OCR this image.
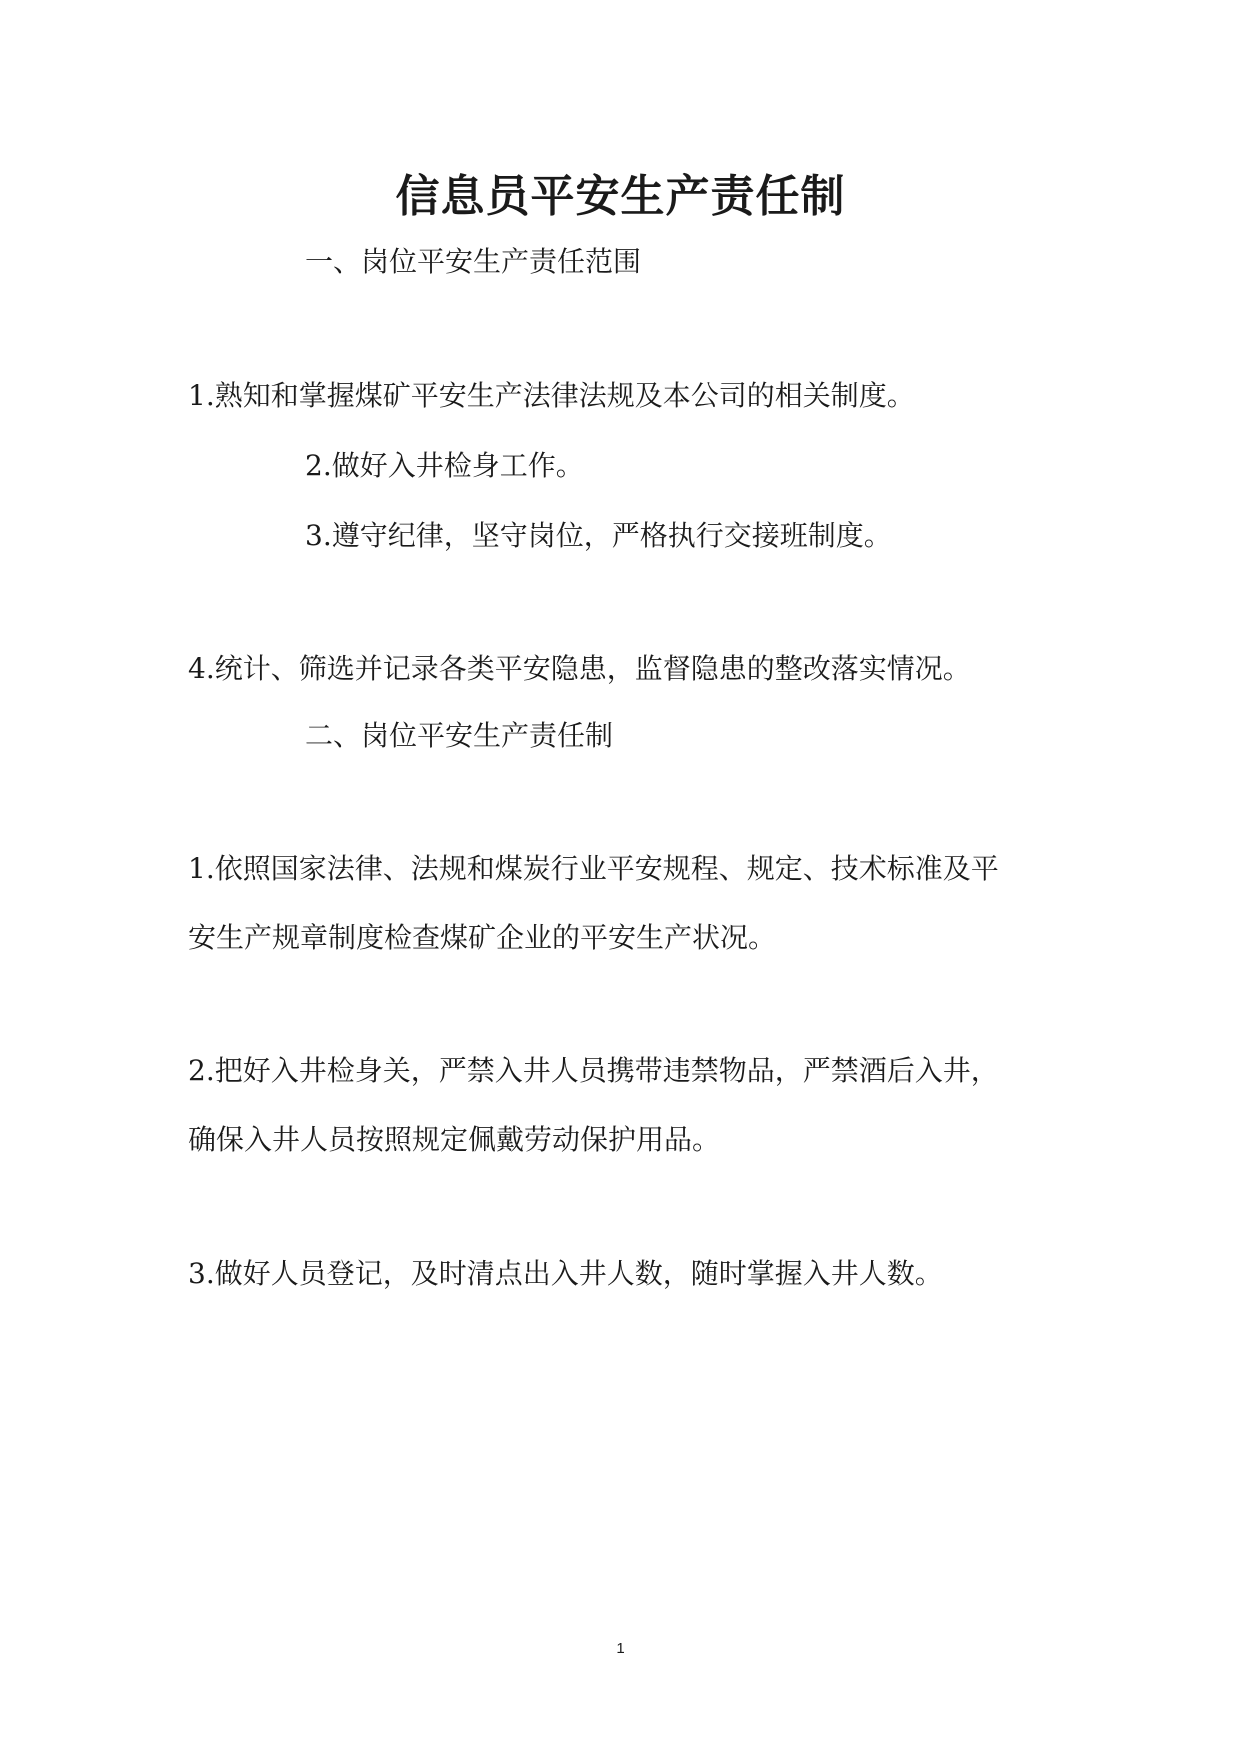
信息员平安生产责任制
一、岗位平安生产责任范围
1.熟知和掌握煤矿平安生产法律法规及本公司的相关制度。
2.做好入井检身工作。
3.遵守纪律，坚守岗位，严格执行交接班制度。
4.统计、筛选并记录各类平安隐患，监督隐患的整改落实情况。
二、岗位平安生产责任制
1.依照国家法律、法规和煤炭行业平安规程、规定、技术标准及平
安生产规章制度检查煤矿企业的平安生产状况。
2.把好入井检身关，严禁入井人员携带违禁物品，严禁酒后入井，
确保入井人员按照规定佩戴劳动保护用品。
3.做好人员登记，及时清点出入井人数，随时掌握入井人数。
1
